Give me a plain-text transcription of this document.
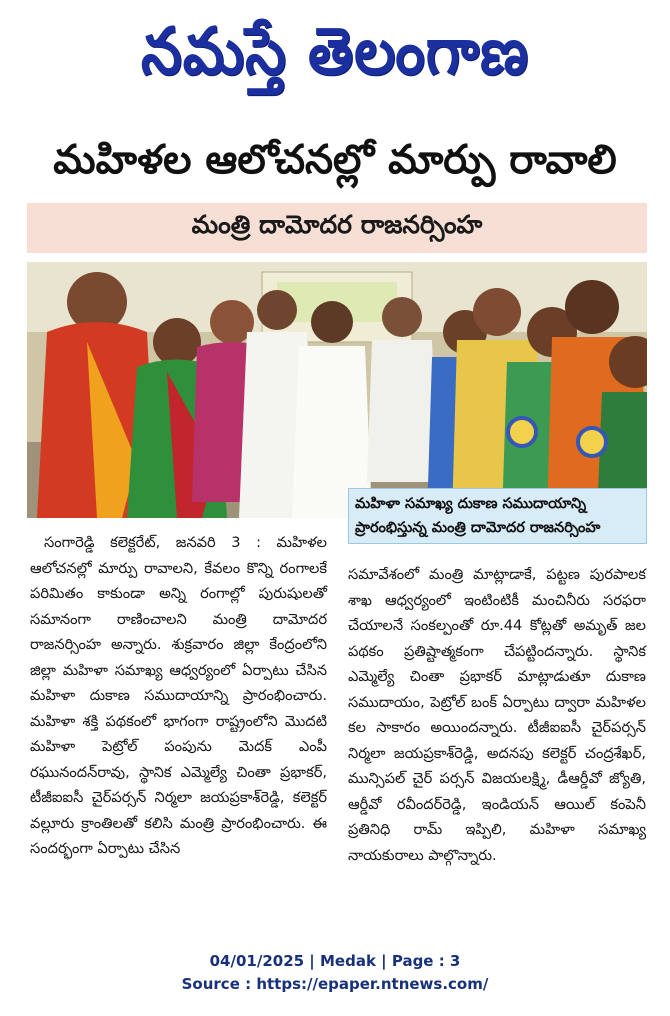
నమస్తే తెలంగాణ
మహిళల ఆలోచనల్లో మార్పు రావాలి
మంత్రి దామోదర రాజనర్సింహ
మహిళా సమాఖ్య దుకాణ సముదాయాన్ని
ప్రారంభిస్తున్న మంత్రి దామోదర రాజనర్సింహ

సంగారెడ్డి కలెక్టరేట్, జనవరి 3 : మహిళల ఆలోచనల్లో మార్పు రావాలని, కేవలం కొన్ని రంగాలకే పరిమితం కాకుండా అన్ని రంగాల్లో పురుషులతో సమానంగా రాణించాలని మంత్రి దామోదర రాజనర్సింహ అన్నారు. శుక్రవారం జిల్లా కేంద్రంలోని జిల్లా మహిళా సమాఖ్య ఆధ్వర్యంలో ఏర్పాటు చేసిన మహిళా దుకాణ సముదాయాన్ని ప్రారంభించారు. మహిళా శక్తి పథకంలో భాగంగా రాష్ట్రంలోని మొదటి మహిళా పెట్రోల్ పంపును మెదక్ ఎంపీ రఘునందన్‌రావు, స్థానిక ఎమ్మెల్యే చింతా ప్రభాకర్, టీజీఐఐసీ చైర్‌పర్సన్ నిర్మలా జయప్రకాశ్‌రెడ్డి, కలెక్టర్ వల్లూరు క్రాంతిలతో కలిసి మంత్రి ప్రారంభించారు. ఈ సందర్భంగా ఏర్పాటు చేసిన

సమావేశంలో మంత్రి మాట్లాడాకే, పట్టణ పురపాలక శాఖ ఆధ్వర్యంలో ఇంటింటికీ మంచినీరు సరఫరా చేయాలనే సంకల్పంతో రూ.44 కోట్లతో అమృత్ జల పథకం ప్రతిష్టాత్మకంగా చేపట్టిందన్నారు. స్థానిక ఎమ్మెల్యే చింతా ప్రభాకర్ మాట్లాడుతూ దుకాణ సముదాయం, పెట్రోల్ బంక్ ఏర్పాటు ద్వారా మహిళల కల సాకారం అయిందన్నారు. టీజీఐఐసీ చైర్‌పర్సన్ నిర్మలా జయప్రకాశ్‌రెడ్డి, అదనపు కలెక్టర్ చంద్రశేఖర్, మున్సిపల్ చైర్ పర్సన్ విజయలక్ష్మి, డీఆర్డీవో జ్యోతి, ఆర్డీవో రవీందర్‌రెడ్డి, ఇండియన్ ఆయిల్ కంపెనీ ప్రతినిధి రామ్ ఇప్పిలి, మహిళా సమాఖ్య నాయకురాలు పాల్గొన్నారు.

04/01/2025 | Medak | Page : 3
Source : https://epaper.ntnews.com/
